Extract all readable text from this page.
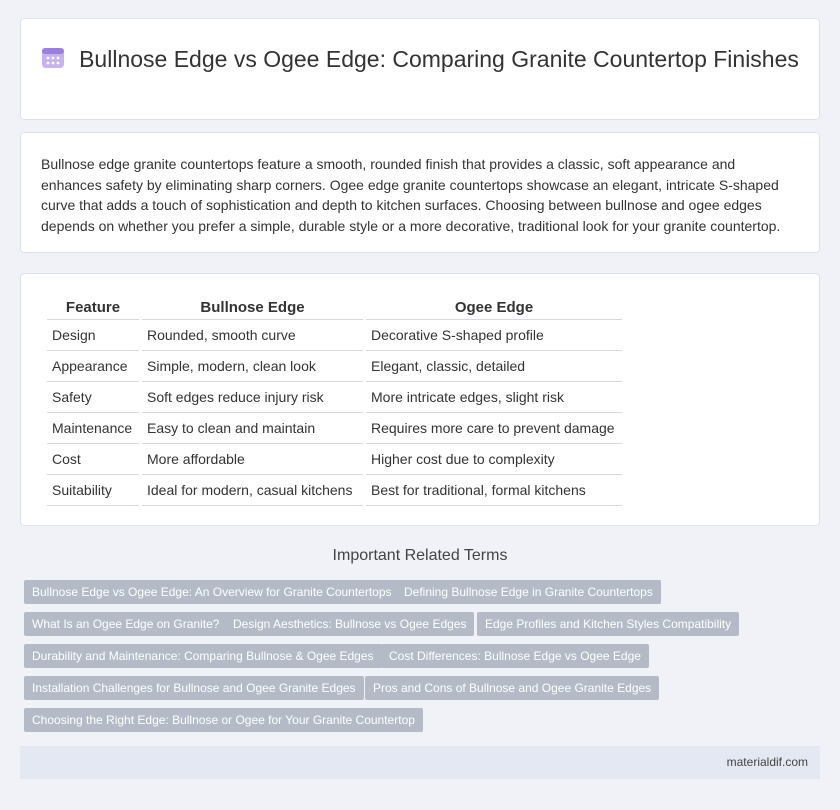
Bullnose Edge vs Ogee Edge: Comparing Granite Countertop Finishes

Bullnose edge granite countertops feature a smooth, rounded finish that provides a classic, soft appearance and enhances safety by eliminating sharp corners. Ogee edge granite countertops showcase an elegant, intricate S-shaped curve that adds a touch of sophistication and depth to kitchen surfaces. Choosing between bullnose and ogee edges depends on whether you prefer a simple, durable style or a more decorative, traditional look for your granite countertop.

Feature	Bullnose Edge	Ogee Edge
Design	Rounded, smooth curve	Decorative S-shaped profile
Appearance	Simple, modern, clean look	Elegant, classic, detailed
Safety	Soft edges reduce injury risk	More intricate edges, slight risk
Maintenance	Easy to clean and maintain	Requires more care to prevent damage
Cost	More affordable	Higher cost due to complexity
Suitability	Ideal for modern, casual kitchens	Best for traditional, formal kitchens
Important Related Terms
Bullnose Edge vs Ogee Edge: An Overview for Granite Countertops	Defining Bullnose Edge in Granite Countertops
What Is an Ogee Edge on Granite?	Design Aesthetics: Bullnose vs Ogee Edges	Edge Profiles and Kitchen Styles Compatibility
Durability and Maintenance: Comparing Bullnose & Ogee Edges	Cost Differences: Bullnose Edge vs Ogee Edge
Installation Challenges for Bullnose and Ogee Granite Edges	Pros and Cons of Bullnose and Ogee Granite Edges
Choosing the Right Edge: Bullnose or Ogee for Your Granite Countertop
materialdif.com
